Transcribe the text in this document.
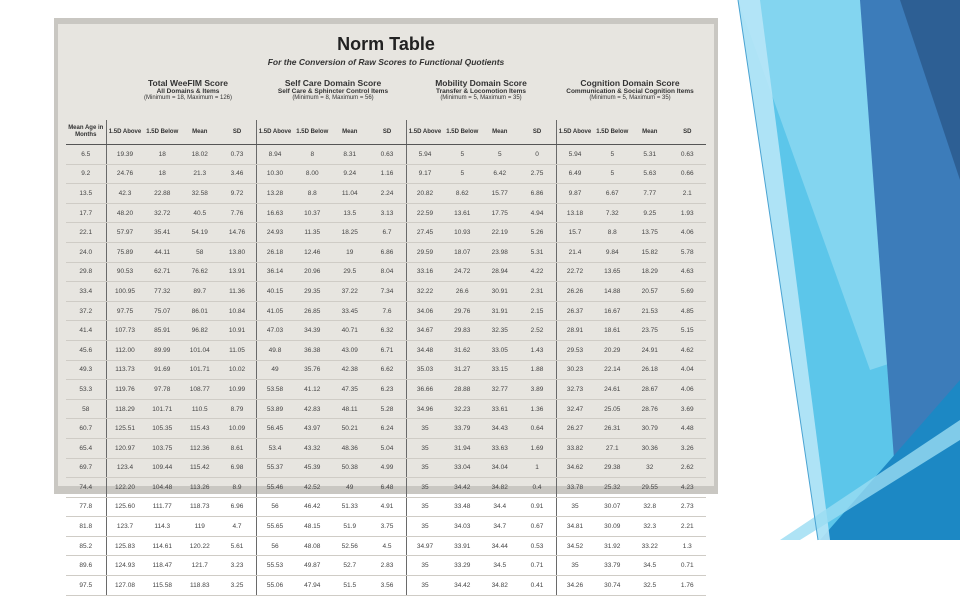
Norm Table
For the Conversion of Raw Scores to Functional Quotients
Total WeeFIM Score
All Domains & Items
(Minimum = 18, Maximum = 126)
Self Care Domain Score
Self Care & Sphincter Control Items
(Minimum = 8, Maximum = 56)
Mobility Domain Score
Transfer & Locomotion Items
(Minimum = 5, Maximum = 35)
Cognition Domain Score
Communication & Social Cognition Items
(Minimum = 5, Maximum = 35)
Mean Age in Months	1.5D Above	1.5D Below	Mean	SD	1.5D Above	1.5D Below	Mean	SD	1.5D Above	1.5D Below	Mean	SD	1.5D Above	1.5D Below	Mean	SD
6.5	19.39	18	18.02	0.73	8.94	8	8.31	0.63	5.94	5	5	0	5.94	5	5.31	0.63
9.2	24.76	18	21.3	3.46	10.30	8.00	9.24	1.16	9.17	5	6.42	2.75	6.49	5	5.63	0.66
13.5	42.3	22.88	32.58	9.72	13.28	8.8	11.04	2.24	20.82	8.62	15.77	6.86	9.87	6.67	7.77	2.1
17.7	48.20	32.72	40.5	7.76	16.63	10.37	13.5	3.13	22.59	13.61	17.75	4.94	13.18	7.32	9.25	1.93
22.1	57.97	35.41	54.19	14.76	24.93	11.35	18.25	6.7	27.45	10.93	22.19	5.26	15.7	8.8	13.75	4.06
24.0	75.89	44.11	58	13.80	26.18	12.46	19	6.86	29.59	18.07	23.98	5.31	21.4	9.84	15.82	5.78
29.8	90.53	62.71	76.62	13.91	36.14	20.96	29.5	8.04	33.16	24.72	28.94	4.22	22.72	13.65	18.29	4.63
33.4	100.95	77.32	89.7	11.36	40.15	29.35	37.22	7.34	32.22	26.6	30.91	2.31	26.26	14.88	20.57	5.69
37.2	97.75	75.07	86.01	10.84	41.05	26.85	33.45	7.6	34.06	29.76	31.91	2.15	26.37	16.67	21.53	4.85
41.4	107.73	85.91	96.82	10.91	47.03	34.39	40.71	6.32	34.67	29.83	32.35	2.52	28.91	18.61	23.75	5.15
45.6	112.00	89.99	101.04	11.05	49.8	36.38	43.09	6.71	34.48	31.62	33.05	1.43	29.53	20.29	24.91	4.62
49.3	113.73	91.69	101.71	10.02	49	35.76	42.38	6.62	35.03	31.27	33.15	1.88	30.23	22.14	26.18	4.04
53.3	119.76	97.78	108.77	10.99	53.58	41.12	47.35	6.23	36.66	28.88	32.77	3.89	32.73	24.61	28.67	4.06
58	118.29	101.71	110.5	8.79	53.89	42.83	48.11	5.28	34.96	32.23	33.61	1.36	32.47	25.05	28.76	3.69
60.7	125.51	105.35	115.43	10.09	56.45	43.97	50.21	6.24	35	33.79	34.43	0.64	26.27	26.31	30.79	4.48
65.4	120.97	103.75	112.36	8.61	53.4	43.32	48.36	5.04	35	31.94	33.63	1.69	33.82	27.1	30.36	3.26
69.7	123.4	109.44	115.42	6.98	55.37	45.39	50.38	4.99	35	33.04	34.04	1	34.62	29.38	32	2.62
74.4	122.20	104.48	113.26	8.9	55.46	42.52	49	6.48	35	34.42	34.82	0.4	33.78	25.32	29.55	4.23
77.8	125.60	111.77	118.73	6.96	56	46.42	51.33	4.91	35	33.48	34.4	0.91	35	30.07	32.8	2.73
81.8	123.7	114.3	119	4.7	55.65	48.15	51.9	3.75	35	34.03	34.7	0.67	34.81	30.09	32.3	2.21
85.2	125.83	114.61	120.22	5.61	56	48.08	52.56	4.5	34.97	33.91	34.44	0.53	34.52	31.92	33.22	1.3
89.6	124.93	118.47	121.7	3.23	55.53	49.87	52.7	2.83	35	33.29	34.5	0.71	35	33.79	34.5	0.71
97.5	127.08	115.58	118.83	3.25	55.06	47.94	51.5	3.56	35	34.42	34.82	0.41	34.26	30.74	32.5	1.76
